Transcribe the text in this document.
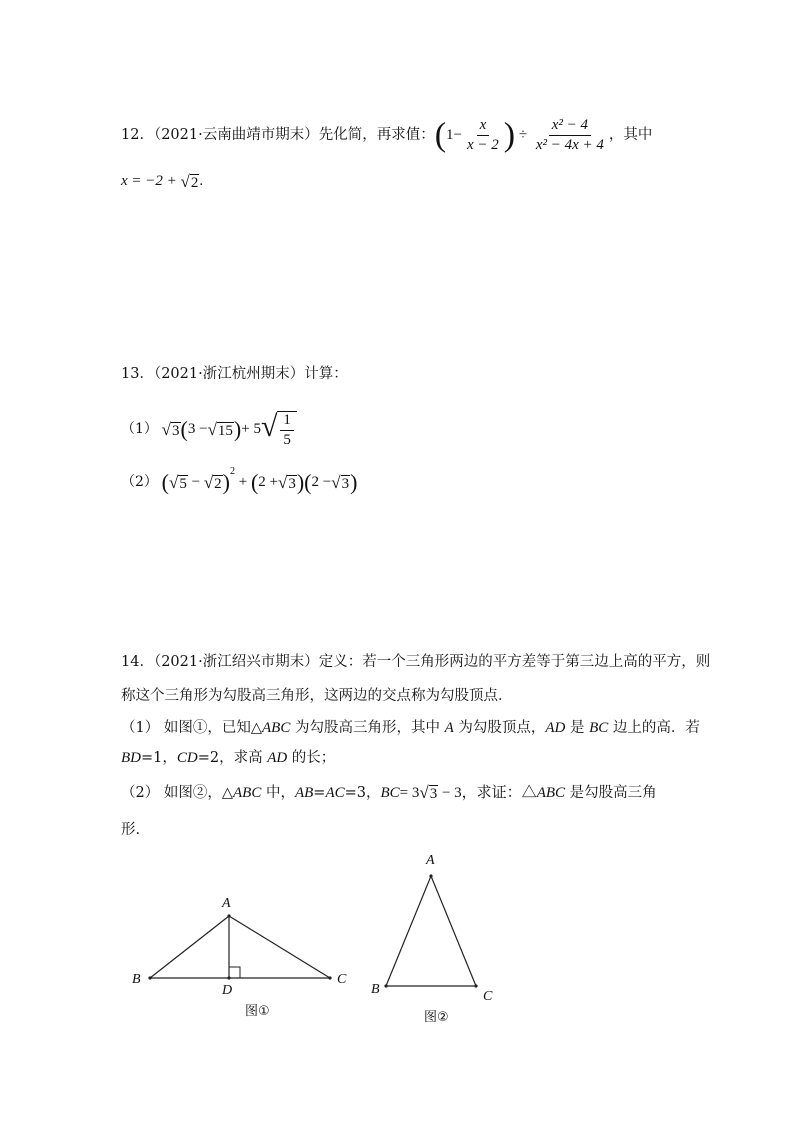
12．（2021·云南曲靖市期末）先化简，再求值：($1- \frac{x}{x - 2}$ ) ÷ $\frac{\text{x² − 4}}{\text{x² − 4x + 4}}$ ，其中
x = −2 + √ 2 .
13．（2021·浙江杭州期末）计算：
（1） √ 3 (3 − √ 15 )+ 5 √ $\frac{1}{5}$
（2） ( √ 5 − √ 2 )$^2$ + (2 + √ 3 )(2 − √ 3 )
14．（2021·浙江绍兴市期末）定义：若一个三角形两边的平方差等于第三边上高的平方，则
称这个三角形为勾股高三角形，这两边的交点称为勾股顶点．
（1） 如图①，已知△ABC 为勾股高三角形，其中 A 为勾股顶点，AD 是 BC 边上的高．若
BD=1，CD=2，求高 AD 的长；
（2） 如图②，△ABC 中，AB=AC=3，BC= 3 √ 3 − 3，求证：△ABC 是勾股高三角
形．
A
B	C
D
图①
A
B	C
图②
